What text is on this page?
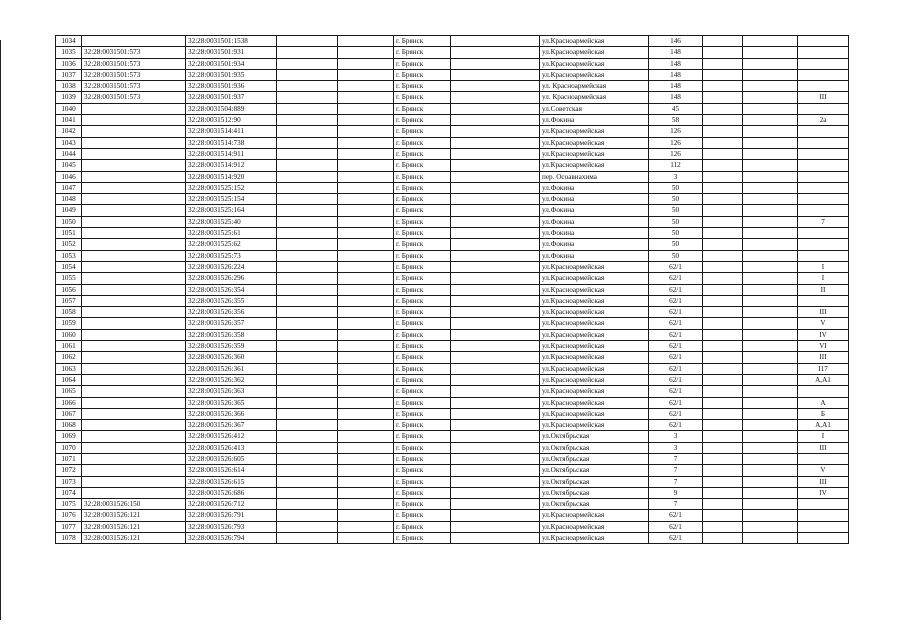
1034		32:28:0031501:1538			г. Брянск		ул.Красноармейская	146			
1035	32:28:0031501:573	32:28:0031501:931			г. Брянск		ул.Красноармейская	148			
1036	32:28:0031501:573	32:28:0031501:934			г. Брянск		ул.Красноармейская	148			
1037	32:28:0031501:573	32:28:0031501:935			г. Брянск		ул.Красноармейская	148			
1038	32:28:0031501:573	32:28:0031501:936			г. Брянск		ул. Красноармейская	148			
1039	32:28:0031501:573	32:28:0031501:937			г. Брянск		ул. Красноармейская	148			III
1040		32:28:0031504:889			г. Брянск		ул.Советская	45			
1041		32:28:0031512:90			г. Брянск		ул.Фокина	58			2а
1042		32:28:0031514:411			г. Брянск		ул.Красноармейская	126			
1043		32:28:0031514:738			г. Брянск		ул.Красноармейская	126			
1044		32:28:0031514:911			г. Брянск		ул.Красноармейская	126			
1045		32:28:0031514:912			г. Брянск		ул.Красноармейская	112			
1046		32:28:0031514:920			г. Брянск		пер. Осоавиахима	3			
1047		32:28:0031525:152			г. Брянск		ул.Фокина	50			
1048		32:28:0031525:154			г. Брянск		ул.Фокина	50			
1049		32:28:0031525:164			г. Брянск		ул.Фокина	50			
1050		32:28:0031525:40			г. Брянск		ул.Фокина	50			7
1051		32:28:0031525:61			г. Брянск		ул.Фокина	50			
1052		32:28:0031525:62			г. Брянск		ул.Фокина	50			
1053		32:28:0031525:73			г. Брянск		ул.Фокина	50			
1054		32:28:0031526:224			г. Брянск		ул.Красноармейская	62/1			I
1055		32:28:0031526:296			г. Брянск		ул.Красноармейская	62/1			I
1056		32:28:0031526:354			г. Брянск		ул.Красноармейская	62/1			II
1057		32:28:0031526:355			г. Брянск		ул.Красноармейская	62/1			
1058		32:28:0031526:356			г. Брянск		ул.Красноармейская	62/1			III
1059		32:28:0031526:357			г. Брянск		ул.Красноармейская	62/1			V
1060		32:28:0031526:358			г. Брянск		ул.Красноармейская	62/1			IV
1061		32:28:0031526:359			г. Брянск		ул.Красноармейская	62/1			VI
1062		32:28:0031526:360			г. Брянск		ул.Красноармейская	62/1			III
1063		32:28:0031526:361			г. Брянск		ул.Красноармейская	62/1			I17
1064		32:28:0031526:362			г. Брянск		ул.Красноармейская	62/1			А,А1
1065		32:28:0031526:363			г. Брянск		ул.Красноармейская	62/1			
1066		32:28:0031526:365			г. Брянск		ул.Красноармейская	62/1			А
1067		32:28:0031526:366			г. Брянск		ул.Красноармейская	62/1			Б
1068		32:28:0031526:367			г. Брянск		ул.Красноармейская	62/1			А,А1
1069		32:28:0031526:412			г. Брянск		ул.Октябрьская	3			I
1070		32:28:0031526:413			г. Брянск		ул.Октябрьская	3			III
1071		32:28:0031526:605			г. Брянск		ул.Октябрьская	7			
1072		32:28:0031526:614			г. Брянск		ул.Октябрьская	7			V
1073		32:28:0031526:615			г. Брянск		ул.Октябрьская	7			III
1074		32:28:0031526:686			г. Брянск		ул.Октябрьская	9			IV
1075	32:28:0031526:150	32:28:0031526:712			г. Брянск		ул.Октябрьская	7			
1076	32:28:0031526:121	32:28:0031526:791			г. Брянск		ул.Красноармейская	62/1			
1077	32:28:0031526:121	32:28:0031526:793			г. Брянск		ул.Красноармейская	62/1			
1078	32:28:0031526:121	32:28:0031526:794			г. Брянск		ул.Красноармейская	62/1			
